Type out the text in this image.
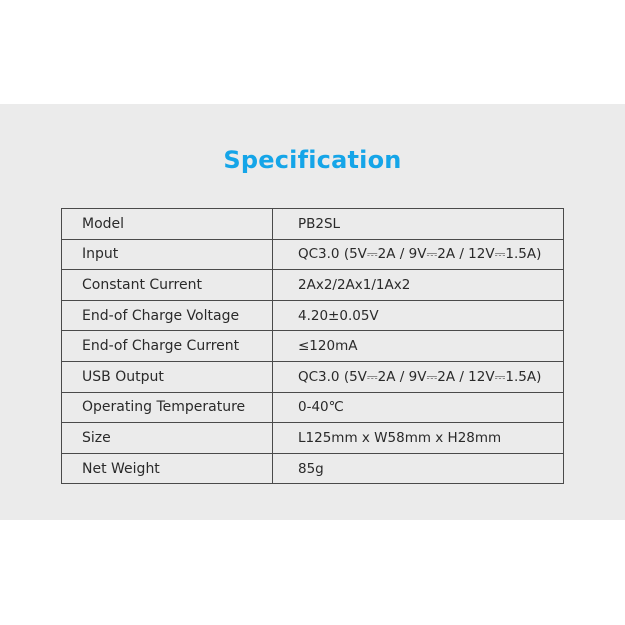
Specification
Model	PB2SL
Input	QC3.0 (5V⎓2A / 9V⎓2A / 12V⎓1.5A)
Constant Current	2Ax2/2Ax1/1Ax2
End-of Charge Voltage	4.20±0.05V
End-of Charge Current	≤120mA
USB Output	QC3.0 (5V⎓2A / 9V⎓2A / 12V⎓1.5A)
Operating Temperature	0-40℃
Size	L125mm x W58mm x H28mm
Net Weight	85g
